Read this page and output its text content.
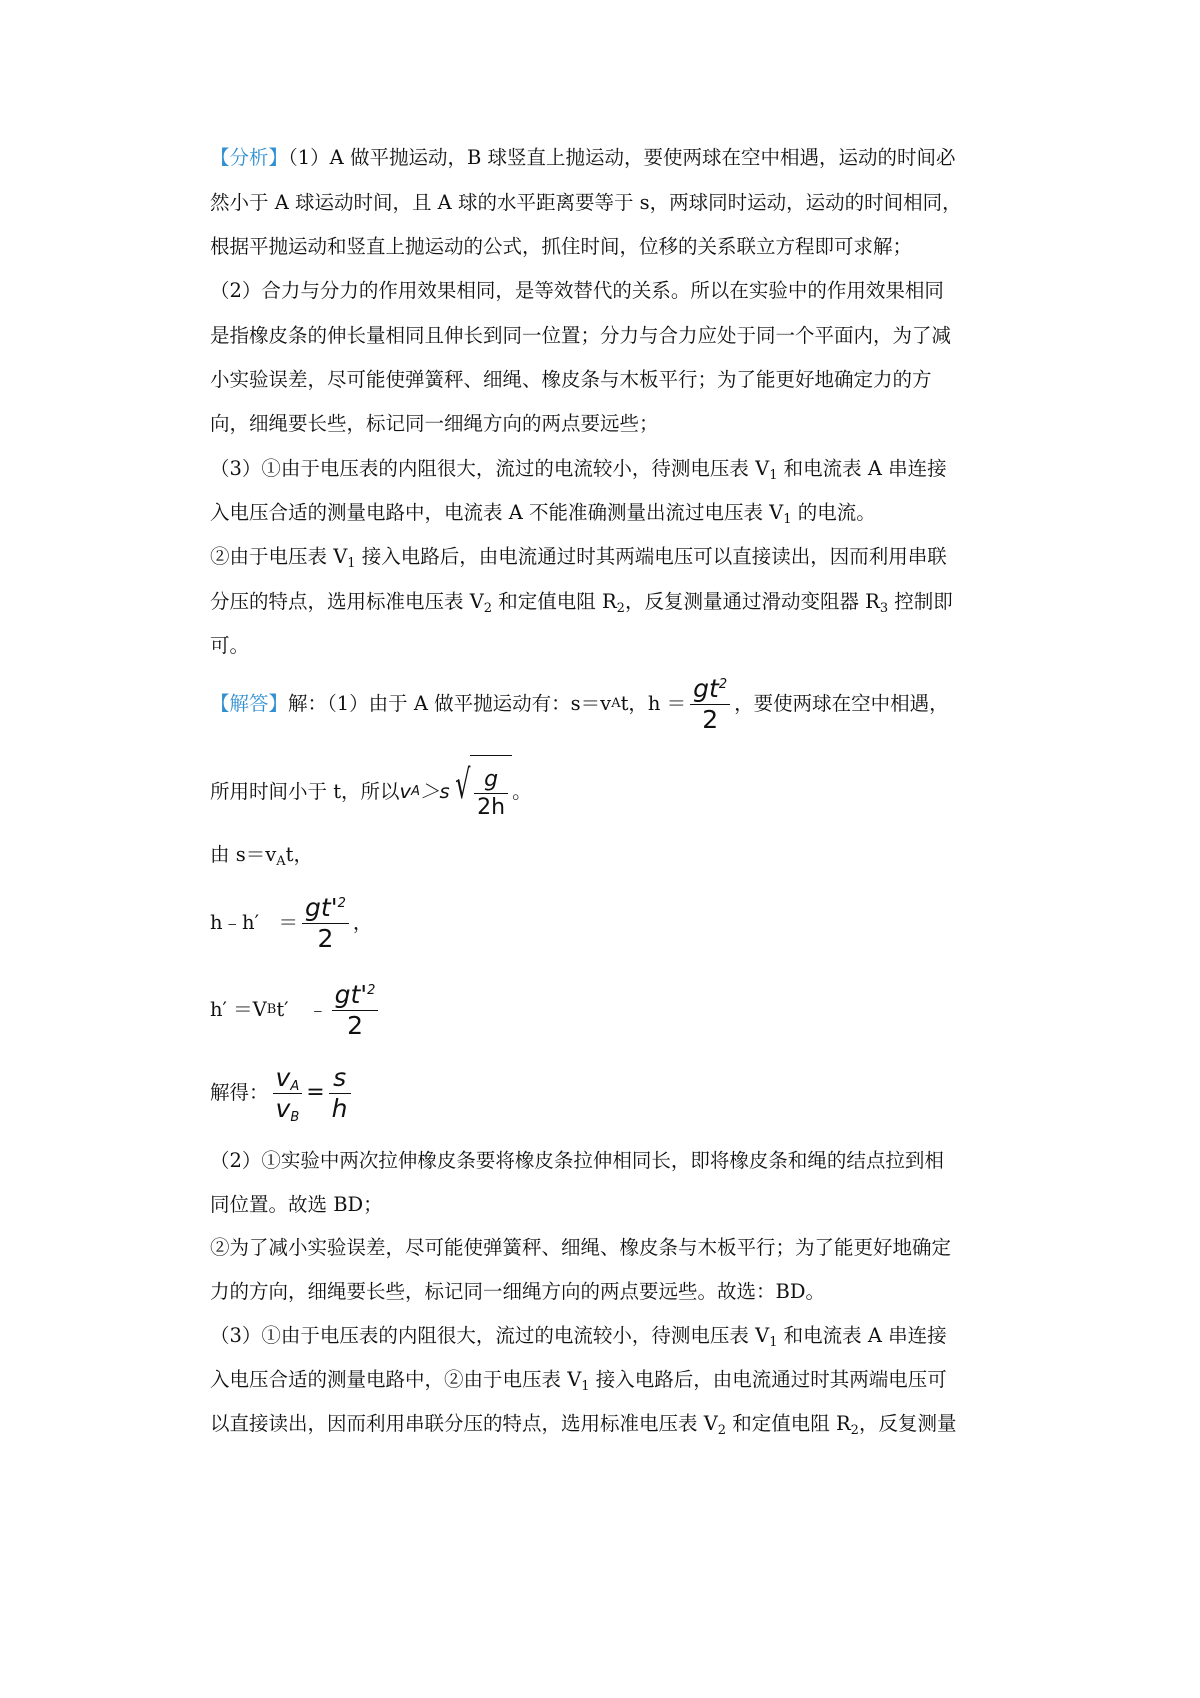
【分析】（1）A 做平抛运动，B 球竖直上抛运动，要使两球在空中相遇，运动的时间必
然小于 A 球运动时间，且 A 球的水平距离要等于 s，两球同时运动，运动的时间相同，
根据平抛运动和竖直上抛运动的公式，抓住时间，位移的关系联立方程即可求解；
（2）合力与分力的作用效果相同，是等效替代的关系。所以在实验中的作用效果相同
是指橡皮条的伸长量相同且伸长到同一位置；分力与合力应处于同一个平面内，为了减
小实验误差，尽可能使弹簧秤、细绳、橡皮条与木板平行；为了能更好地确定力的方
向，细绳要长些，标记同一细绳方向的两点要远些；
（3）①由于电压表的内阻很大，流过的电流较小，待测电压表 $V_1$ 和电流表 A 串连接
入电压合适的测量电路中，电流表 A 不能准确测量出流过电压表 $V_1$ 的电流。
②由于电压表 $V_1$ 接入电路后，由电流通过时其两端电压可以直接读出，因而利用串联
分压的特点，选用标准电压表 $V_2$ 和定值电阻 $R_2$，反复测量通过滑动变阻器 $R_3$ 控制即
可。
【解答】 解：（1）由于 A 做平抛运动有：s＝v A t，$h = \frac{gt^2}{2}$ ，要使两球在空中相遇，
所用时间小于 t，所以 v A ＞s √ $\frac{g}{2h}$ 。
由 $s=v_At$，
h﹣h′　＝ $\frac{gt'^2}{2}$ ，
h′ ＝V B t′　﹣ $\frac{gt'^2}{2}$
解得： $\frac{v_A}{v_B} = \frac{s}{h}$
（2）①实验中两次拉伸橡皮条要将橡皮条拉伸相同长，即将橡皮条和绳的结点拉到相
同位置。故选 BD；
②为了减小实验误差，尽可能使弹簧秤、细绳、橡皮条与木板平行；为了能更好地确定
力的方向，细绳要长些，标记同一细绳方向的两点要远些。故选：BD。
（3）①由于电压表的内阻很大，流过的电流较小，待测电压表 $V_1$ 和电流表 A 串连接
入电压合适的测量电路中，②由于电压表 $V_1$ 接入电路后，由电流通过时其两端电压可
以直接读出，因而利用串联分压的特点，选用标准电压表 $V_2$ 和定值电阻 $R_2$，反复测量
